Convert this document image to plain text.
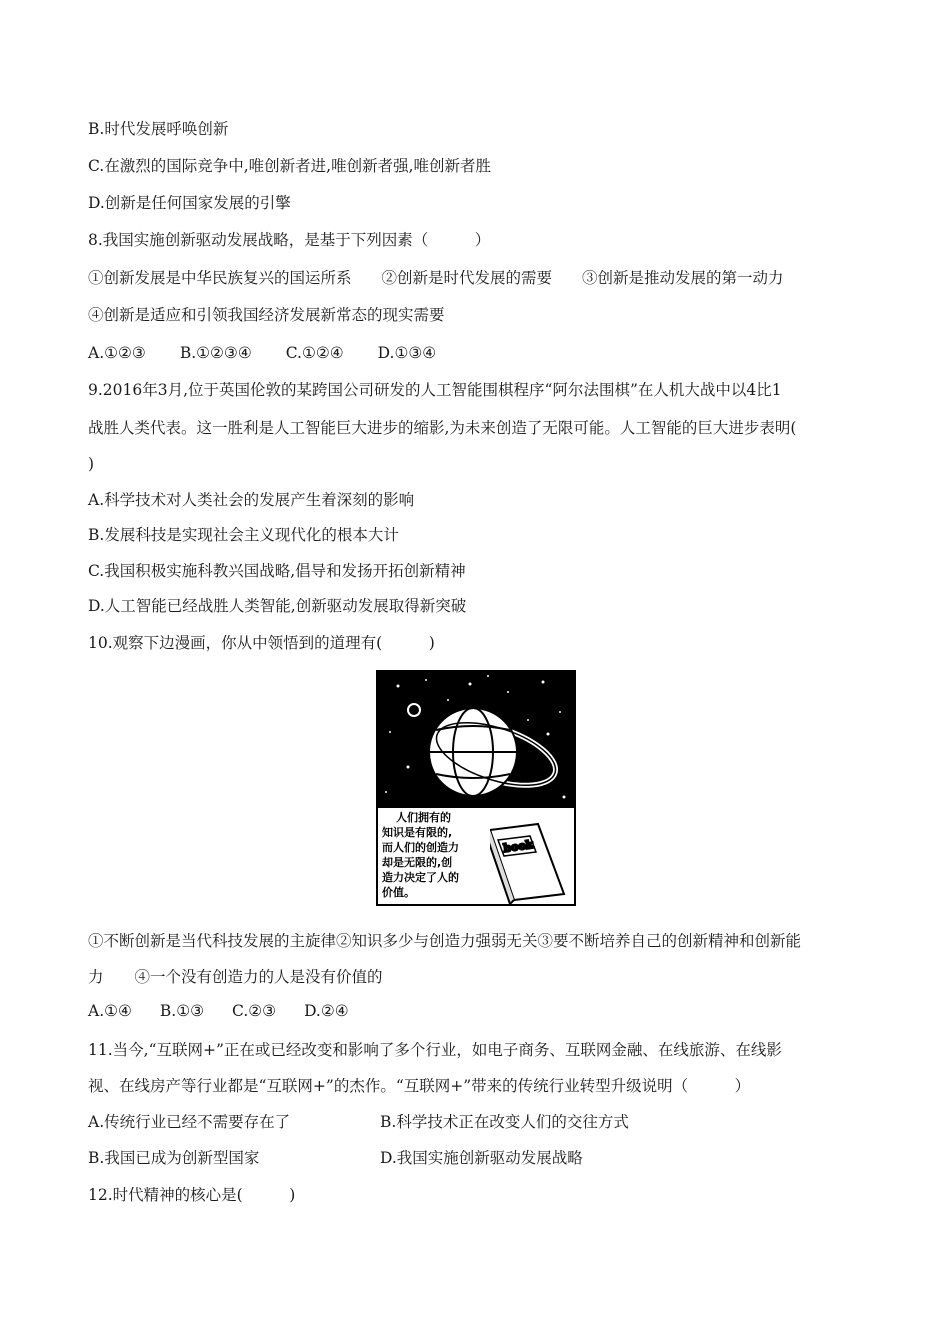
B.时代发展呼唤创新
C.在激烈的国际竞争中,唯创新者进,唯创新者强,唯创新者胜
D.创新是任何国家发展的引擎
8.我国实施创新驱动发展战略，是基于下列因素（　　　）
①创新发展是中华民族复兴的国运所系 ②创新是时代发展的需要 ③创新是推动发展的第一动力
④创新是适应和引领我国经济发展新常态的现实需要
A.①②③ B.①②③④ C.①②④ D.①③④
9.2016年3月,位于英国伦敦的某跨国公司研发的人工智能围棋程序“阿尔法围棋”在人机大战中以4比1
战胜人类代表。这一胜利是人工智能巨大进步的缩影,为未来创造了无限可能。人工智能的巨大进步表明(
)
A.科学技术对人类社会的发展产生着深刻的影响
B.发展科技是实现社会主义现代化的根本大计
C.我国积极实施科教兴国战略,倡导和发扬开拓创新精神
D.人工智能已经战胜人类智能,创新驱动发展取得新突破
10.观察下边漫画，你从中领悟到的道理有(　　　)
book
人们拥有的
知识是有限的,
而人们的创造力
却是无限的,创
造力决定了人的
价值。
①不断创新是当代科技发展的主旋律②知识多少与创造力强弱无关③要不断培养自己的创新精神和创新能
力　　④一个没有创造力的人是没有价值的
A.①④ B.①③ C.②③ D.②④
11.当今,“互联网+”正在或已经改变和影响了多个行业，如电子商务、互联网金融、在线旅游、在线影
视、在线房产等行业都是“互联网+”的杰作。“互联网+”带来的传统行业转型升级说明（　　　）
A.传统行业已经不需要存在了	B.科学技术正在改变人们的交往方式
B.我国已成为创新型国家	D.我国实施创新驱动发展战略
12.时代精神的核心是(　　　)
